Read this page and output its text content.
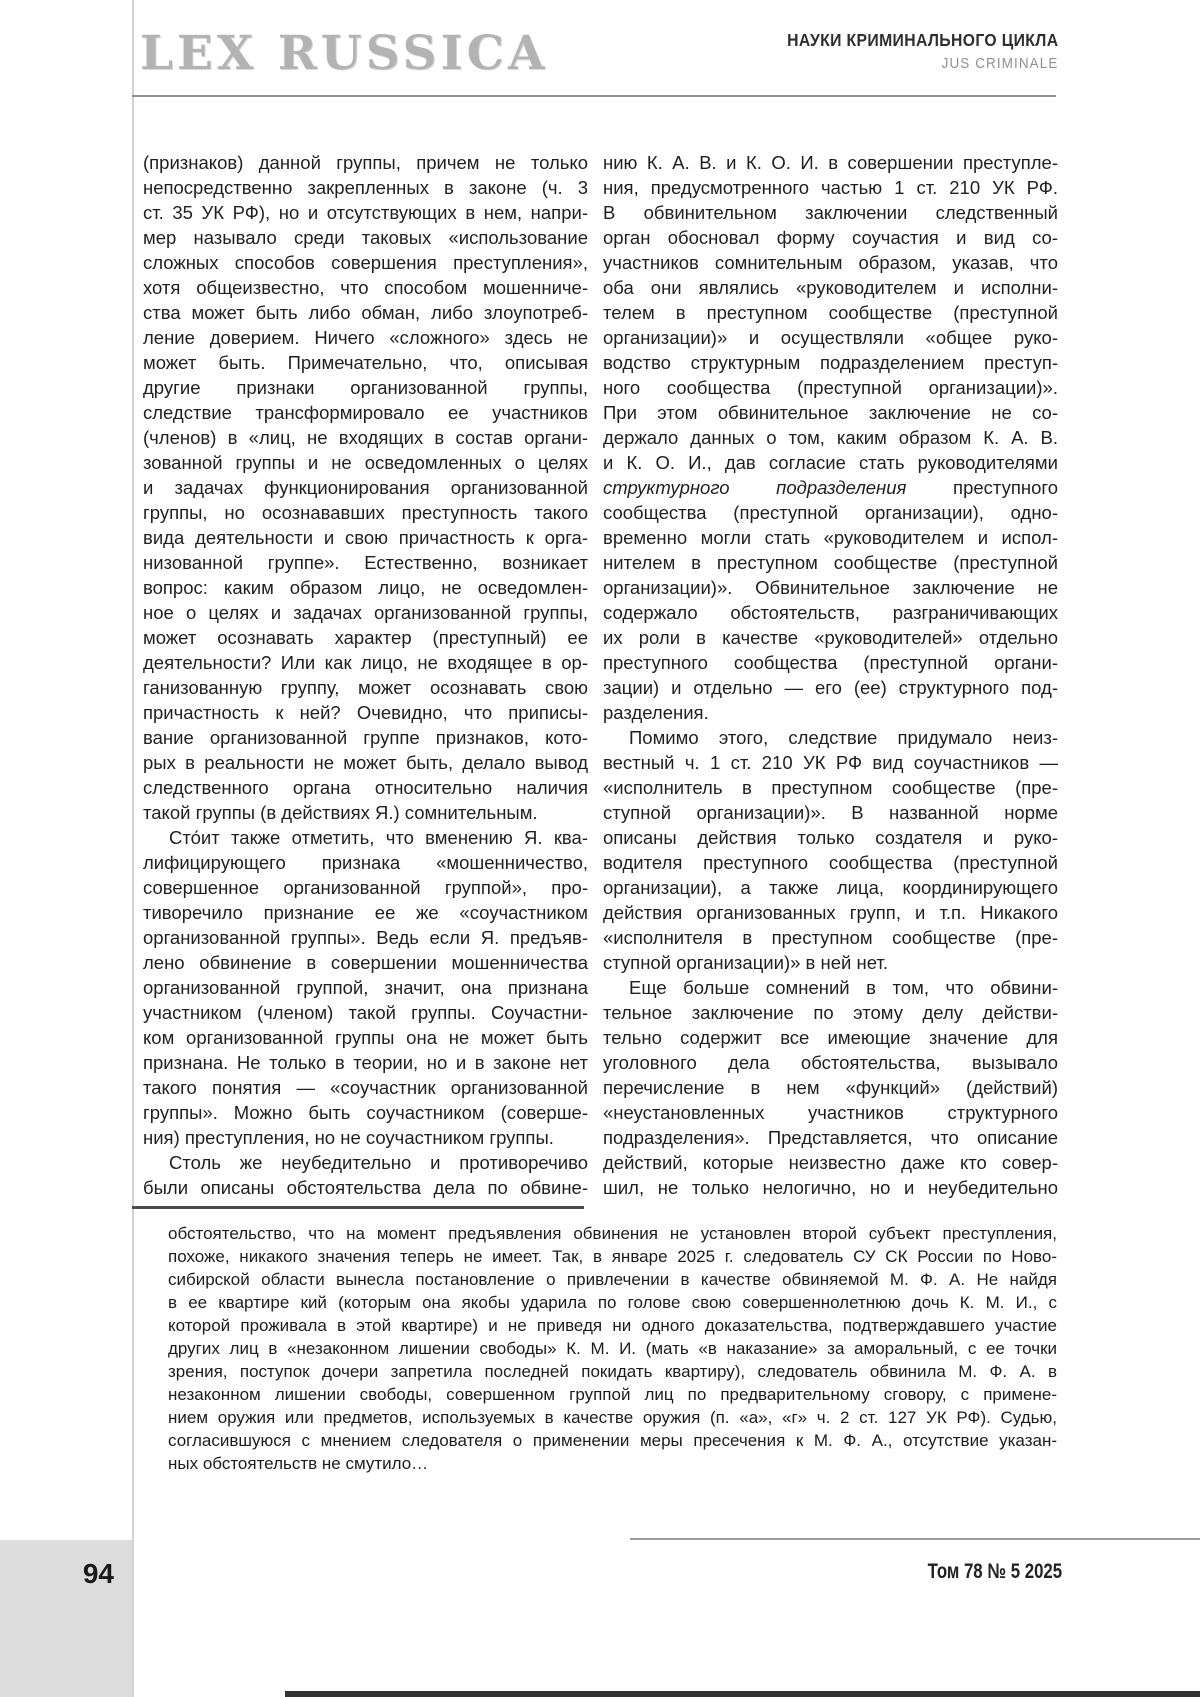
LEX RUSSICA	НАУКИ КРИМИНАЛЬНОГО ЦИКЛА
JUS CRIMINALE
(признаков) данной группы, причем не только
непосредственно закрепленных в законе (ч. 3
ст. 35 УК РФ), но и отсутствующих в нем, напри-
мер называло среди таковых «использование
сложных способов совершения преступления»,
хотя общеизвестно, что способом мошенниче-
ства может быть либо обман, либо злоупотреб-
ление доверием. Ничего «сложного» здесь не
может быть. Примечательно, что, описывая
другие признаки организованной группы,
следствие трансформировало ее участников
(членов) в «лиц, не входящих в состав органи-
зованной группы и не осведомленных о целях
и задачах функционирования организованной
группы, но осознававших преступность такого
вида деятельности и свою причастность к орга-
низованной группе». Естественно, возникает
вопрос: каким образом лицо, не осведомлен-
ное о целях и задачах организованной группы,
может осознавать характер (преступный) ее
деятельности? Или как лицо, не входящее в ор-
ганизованную группу, может осознавать свою
причастность к ней? Очевидно, что приписы-
вание организованной группе признаков, кото-
рых в реальности не может быть, делало вывод
следственного органа относительно наличия
такой группы (в действиях Я.) сомнительным.
Сто́ит также отметить, что вменению Я. ква-
лифицирующего признака «мошенничество,
совершенное организованной группой», про-
тиворечило признание ее же «соучастником
организованной группы». Ведь если Я. предъяв-
лено обвинение в совершении мошенничества
организованной группой, значит, она признана
участником (членом) такой группы. Соучастни-
ком организованной группы она не может быть
признана. Не только в теории, но и в законе нет
такого понятия — «соучастник организованной
группы». Можно быть соучастником (соверше-
ния) преступления, но не соучастником группы.
Столь же неубедительно и противоречиво
были описаны обстоятельства дела по обвине-
нию К. А. В. и К. О. И. в совершении преступле-
ния, предусмотренного частью 1 ст. 210 УК РФ.
В обвинительном заключении следственный
орган обосновал форму соучастия и вид со-
участников сомнительным образом, указав, что
оба они являлись «руководителем и исполни-
телем в преступном сообществе (преступной
организации)» и осуществляли «общее руко-
водство структурным подразделением преступ-
ного сообщества (преступной организации)».
При этом обвинительное заключение не со-
держало данных о том, каким образом К. А. В.
и К. О. И., дав согласие стать руководителями
структурного подразделения преступного
сообщества (преступной организации), одно-
временно могли стать «руководителем и испол-
нителем в преступном сообществе (преступной
организации)». Обвинительное заключение не
содержало обстоятельств, разграничивающих
их роли в качестве «руководителей» отдельно
преступного сообщества (преступной органи-
зации) и отдельно — его (ее) структурного под-
разделения.
Помимо этого, следствие придумало неиз-
вестный ч. 1 ст. 210 УК РФ вид соучастников —
«исполнитель в преступном сообществе (пре-
ступной организации)». В названной норме
описаны действия только создателя и руко-
водителя преступного сообщества (преступной
организации), а также лица, координирующего
действия организованных групп, и т.п. Никакого
«исполнителя в преступном сообществе (пре-
ступной организации)» в ней нет.
Еще больше сомнений в том, что обвини-
тельное заключение по этому делу действи-
тельно содержит все имеющие значение для
уголовного дела обстоятельства, вызывало
перечисление в нем «функций» (действий)
«неустановленных участников структурного
подразделения». Представляется, что описание
действий, которые неизвестно даже кто совер-
шил, не только нелогично, но и неубедительно
обстоятельство, что на момент предъявления обвинения не установлен второй субъект преступления,
похоже, никакого значения теперь не имеет. Так, в январе 2025 г. следователь СУ СК России по Ново-
сибирской области вынесла постановление о привлечении в качестве обвиняемой М. Ф. А. Не найдя
в ее квартире кий (которым она якобы ударила по голове свою совершеннолетнюю дочь К. М. И., с
которой проживала в этой квартире) и не приведя ни одного доказательства, подтверждавшего участие
других лиц в «незаконном лишении свободы» К. М. И. (мать «в наказание» за аморальный, с ее точки
зрения, поступок дочери запретила последней покидать квартиру), следователь обвинила М. Ф. А. в
незаконном лишении свободы, совершенном группой лиц по предварительному сговору, с примене-
нием оружия или предметов, используемых в качестве оружия (п. «а», «г» ч. 2 ст. 127 УК РФ). Судью,
согласившуюся с мнением следователя о применении меры пресечения к М. Ф. А., отсутствие указан-
ных обстоятельств не смутило…
Том 78 № 5 2025
94
